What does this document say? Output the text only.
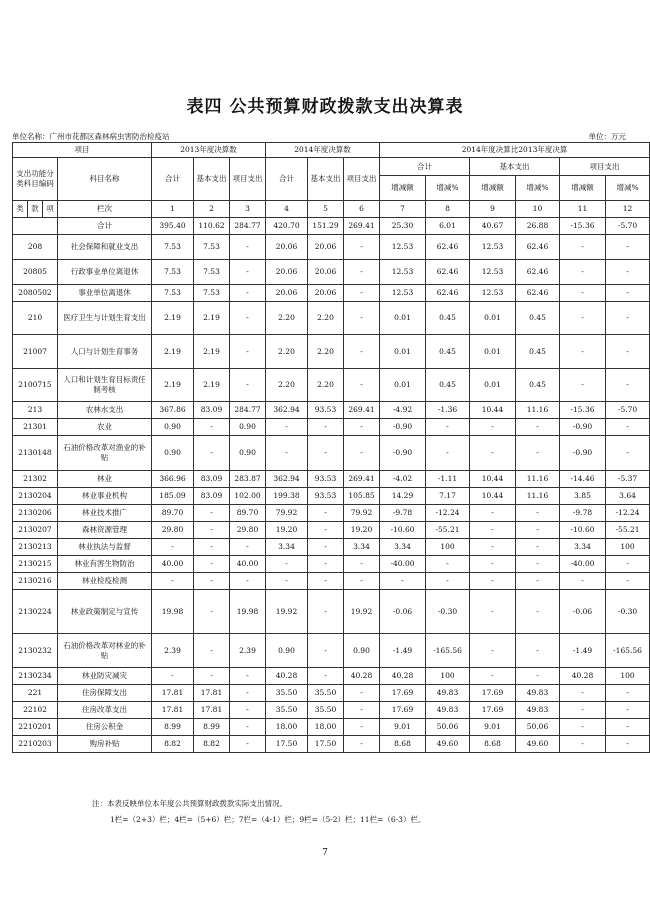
表四 公共预算财政拨款支出决算表
单位名称：广州市花都区森林病虫害防治检疫站	单位：万元
项目				2013年度决算数			2014年度决算数			2014年度决算比2013年度决算					
支出功能分类科目编码			科目名称	合计	基本支出	项目支出	合计	基本支出	项目支出	合计		基本支出		项目支出	
										增减额	增减%	增减额	增减%	增减额	增减%
类	款	项	栏次	1	2	3	4	5	6	7	8	9	10	11	12
			合计	395.40	110.62	284.77	420.70	151.29	269.41	25.30	6.01	40.67	26.88	-15.36	-5.70
208			社会保障和就业支出	7.53	7.53	-	20.06	20.06	-	12.53	62.46	12.53	62.46	-	-
20805			行政事业单位离退休	7.53	7.53	-	20.06	20.06	-	12.53	62.46	12.53	62.46	-	-
2080502			事业单位离退休	7.53	7.53	-	20.06	20.06	-	12.53	62.46	12.53	62.46	-	-
210			医疗卫生与计划生育支出	2.19	2.19	-	2.20	2.20	-	0.01	0.45	0.01	0.45	-	-
21007			人口与计划生育事务	2.19	2.19	-	2.20	2.20	-	0.01	0.45	0.01	0.45	-	-
2100715			人口和计划生育目标责任制考核	2.19	2.19	-	2.20	2.20	-	0.01	0.45	0.01	0.45	-	-
213			农林水支出	367.86	83.09	284.77	362.94	93.53	269.41	-4.92	-1.36	10.44	11.16	-15.36	-5.70
21301			农业	0.90	-	0.90	-	-	-	-0.90	-	-	-	-0.90	-
2130148			石油价格改革对渔业的补贴	0.90	-	0.90	-	-	-	-0.90	-	-	-	-0.90	-
21302			林业	366.96	83.09	283.87	362.94	93.53	269.41	-4.02	-1.11	10.44	11.16	-14.46	-5.37
2130204			林业事业机构	185.09	83.09	102.00	199.38	93.53	105.85	14.29	7.17	10.44	11.16	3.85	3.64
2130206			林业技术推广	89.70	-	89.70	79.92	-	79.92	-9.78	-12.24	-	-	-9.78	-12.24
2130207			森林资源管理	29.80	-	29.80	19.20	-	19.20	-10.60	-55.21	-	-	-10.60	-55.21
2130213			林业执法与监督	-	-	-	3.34	-	3.34	3.34	100	-	-	3.34	100
2130215			林业有害生物防治	40.00	-	40.00	-	-	-	-40.00	-	-	-	-40.00	-
2130216			林业检疫检测	-	-	-	-	-	-	-	-	-	-	-	-
2130224			林业政策制定与宣传	19.98	-	19.98	19.92	-	19.92	-0.06	-0.30	-	-	-0.06	-0.30
2130232			石油价格改革对林业的补贴	2.39	-	2.39	0.90	-	0.90	-1.49	-165.56	-	-	-1.49	-165.56
2130234			林业防灾减灾	-	-	-	40.28	-	40.28	40.28	100	-	-	40.28	100
221			住房保障支出	17.81	17.81	-	35.50	35.50	-	17.69	49.83	17.69	49.83	-	-
22102			住房改革支出	17.81	17.81	-	35.50	35.50	-	17.69	49.83	17.69	49.83	-	-
2210201			住房公积金	8.99	8.99	-	18.00	18.00	-	9.01	50.06	9.01	50.06	-	-
2210203			购房补贴	8.82	8.82	-	17.50	17.50	-	8.68	49.60	8.68	49.60	-	-
注：本表反映单位本年度公共预算财政拨款实际支出情况。
1栏=（2+3）栏；4栏=（5+6）栏；7栏=（4-1）栏；9栏=（5-2）栏；11栏=（6-3）栏。
7
